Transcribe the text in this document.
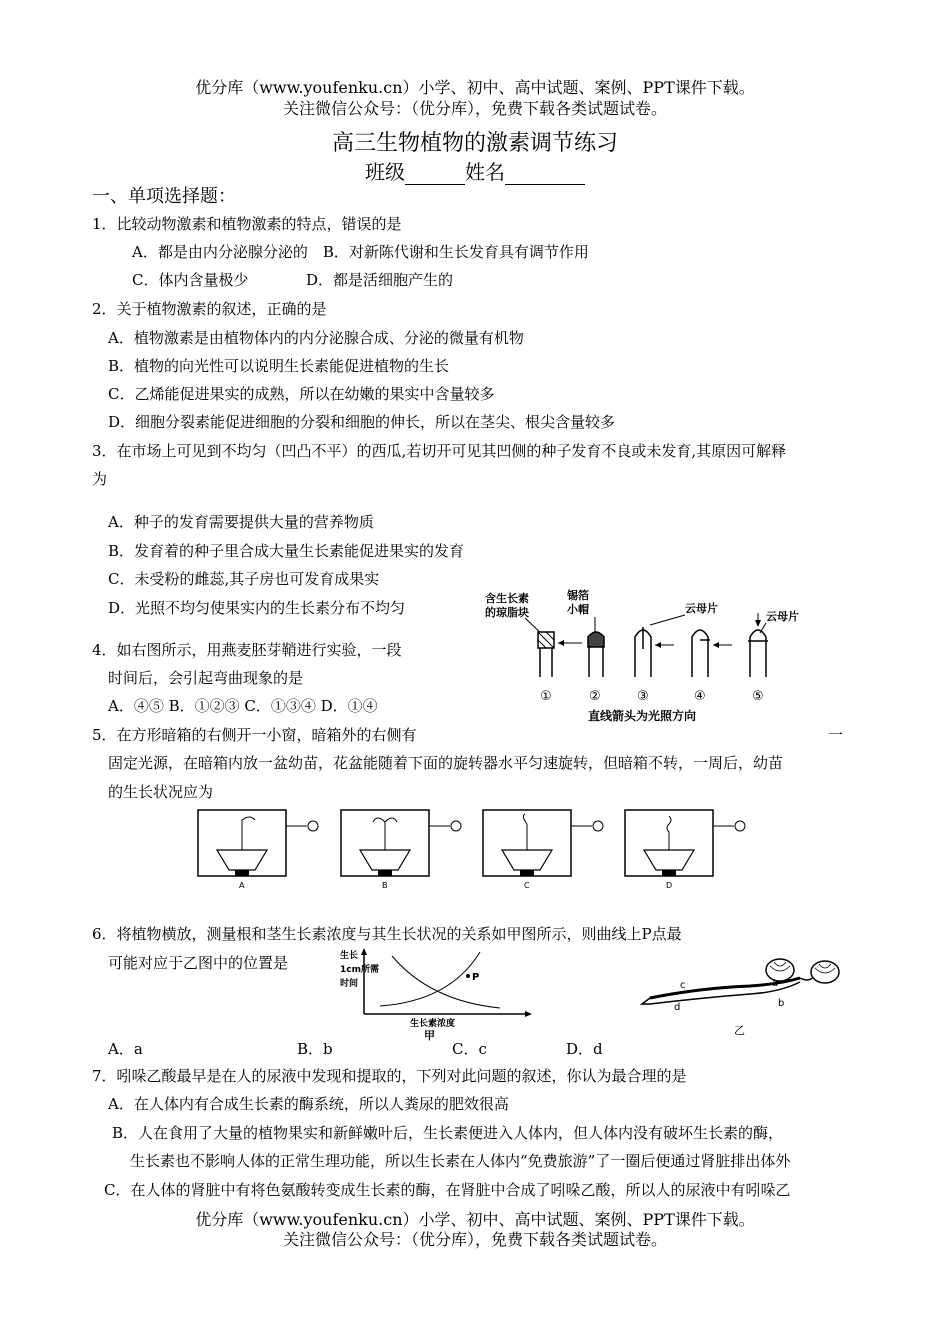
优分库（www.youfenku.cn）小学、初中、高中试题、案例、PPT课件下载。
关注微信公众号：（优分库），免费下载各类试题试卷。
高三生物植物的激素调节练习
班级	姓名
一、单项选择题：
1．比较动物激素和植物激素的特点，错误的是
A．都是由内分泌腺分泌的　B．对新陈代谢和生长发育具有调节作用
C．体内含量极少	D．都是活细胞产生的
2．关于植物激素的叙述，正确的是
A．植物激素是由植物体内的内分泌腺合成、分泌的微量有机物
B．植物的向光性可以说明生长素能促进植物的生长
C．乙烯能促进果实的成熟，所以在幼嫩的果实中含量较多
D．细胞分裂素能促进细胞的分裂和细胞的伸长，所以在茎尖、根尖含量较多
3．在市场上可见到不均匀（凹凸不平）的西瓜,若切开可见其凹侧的种子发育不良或未发育,其原因可解释
为
A．种子的发育需要提供大量的营养物质
B．发育着的种子里合成大量生长素能促进果实的发育
C．未受粉的雌蕊,其子房也可发育成果实
D．光照不均匀使果实内的生长素分布不均匀
4．如右图所示，用燕麦胚芽鞘进行实验，一段
时间后，会引起弯曲现象的是
A．④⑤ B．①②③ C．①③④ D．①④
含生长素
的琼脂块
锡箔
小帽	云母片
云母片
①	②	③	④	⑤
直线箭头为光照方向
5．在方形暗箱的右侧开一小窗，暗箱外的右侧有	一
固定光源，在暗箱内放一盆幼苗，花盆能随着下面的旋转器水平匀速旋转，但暗箱不转，一周后，幼苗
的生长状况应为
A	B	C	D
6．将植物横放，测量根和茎生长素浓度与其生长状况的关系如甲图所示，则曲线上P点最
可能对应于乙图中的位置是	生长
1cm所需
时间
P
生长素浓度
甲
a
b
c
d
乙
A．a	B．b	C．c	D．d
7．吲哚乙酸最早是在人的尿液中发现和提取的，下列对此问题的叙述，你认为最合理的是
A．在人体内有合成生长素的酶系统，所以人粪尿的肥效很高
B．人在食用了大量的植物果实和新鲜嫩叶后，生长素便进入人体内，但人体内没有破坏生长素的酶，
生长素也不影响人体的正常生理功能，所以生长素在人体内“免费旅游”了一圈后便通过肾脏排出体外
C．在人体的肾脏中有将色氨酸转变成生长素的酶，在肾脏中合成了吲哚乙酸，所以人的尿液中有吲哚乙
优分库（www.youfenku.cn）小学、初中、高中试题、案例、PPT课件下载。
关注微信公众号：（优分库），免费下载各类试题试卷。
